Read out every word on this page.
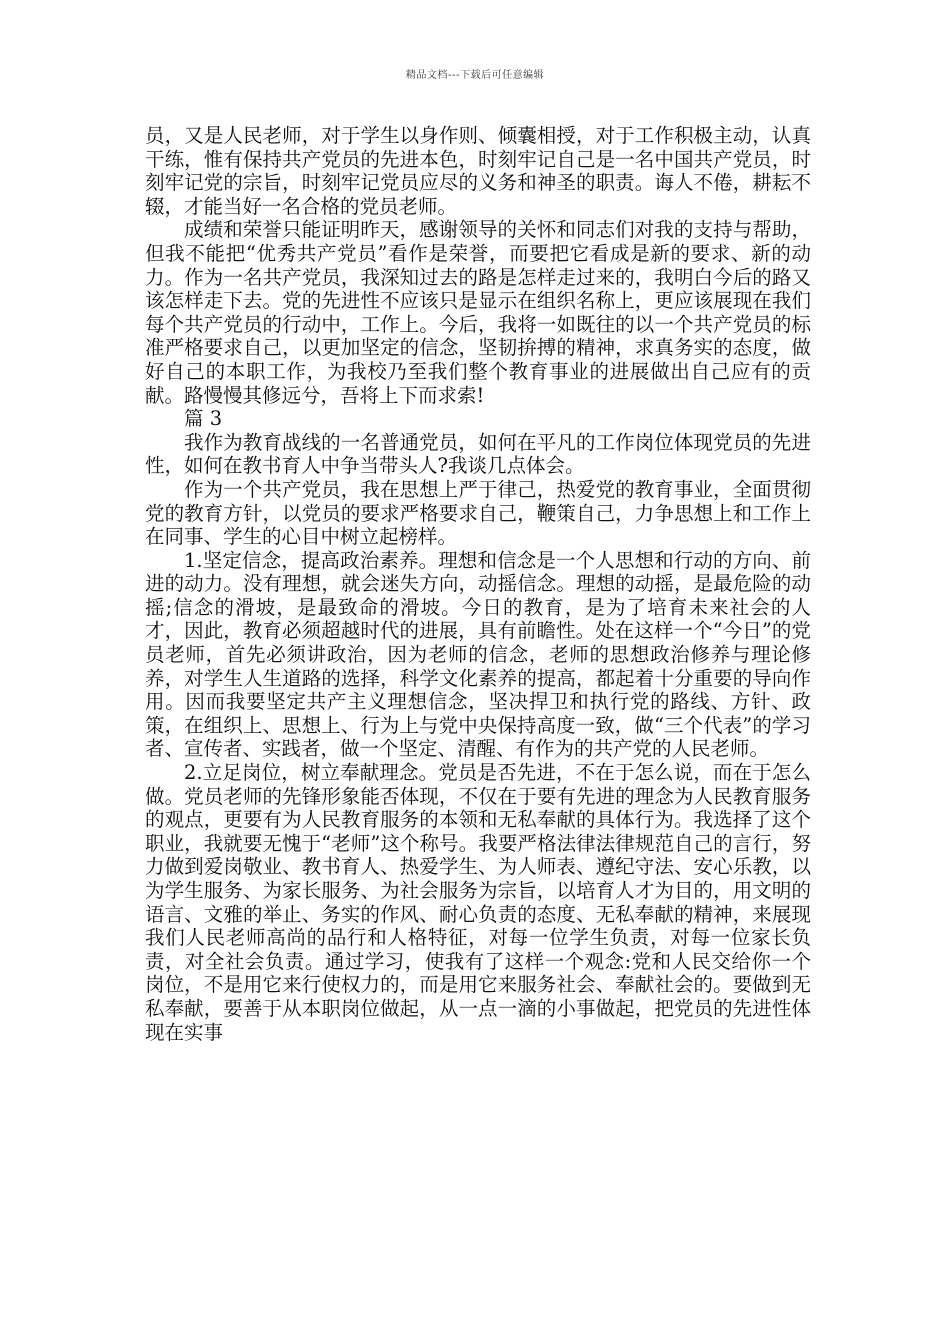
精品文档---下载后可任意编辑

员，又是人民老师，对于学生以身作则、倾囊相授，对于工作积极主动，认真干练，惟有保持共产党员的先进本色，时刻牢记自己是一名中国共产党员，时刻牢记党的宗旨，时刻牢记党员应尽的义务和神圣的职责。诲人不倦，耕耘不辍，才能当好一名合格的党员老师。

成绩和荣誉只能证明昨天，感谢领导的关怀和同志们对我的支持与帮助，但我不能把“优秀共产党员”看作是荣誉，而要把它看成是新的要求、新的动力。作为一名共产党员，我深知过去的路是怎样走过来的，我明白今后的路又该怎样走下去。党的先进性不应该只是显示在组织名称上，更应该展现在我们每个共产党员的行动中，工作上。今后，我将一如既往的以一个共产党员的标准严格要求自己，以更加坚定的信念，坚韧拚搏的精神，求真务实的态度，做好自己的本职工作，为我校乃至我们整个教育事业的进展做出自己应有的贡献。路慢慢其修远兮，吾将上下而求索!

篇 3

我作为教育战线的一名普通党员，如何在平凡的工作岗位体现党员的先进性，如何在教书育人中争当带头人?我谈几点体会。

作为一个共产党员，我在思想上严于律己，热爱党的教育事业，全面贯彻党的教育方针，以党员的要求严格要求自己，鞭策自己，力争思想上和工作上在同事、学生的心目中树立起榜样。

1.坚定信念，提高政治素养。理想和信念是一个人思想和行动的方向、前进的动力。没有理想，就会迷失方向，动摇信念。理想的动摇，是最危险的动摇;信念的滑坡，是最致命的滑坡。今日的教育，是为了培育未来社会的人才，因此，教育必须超越时代的进展，具有前瞻性。处在这样一个“今日”的党员老师，首先必须讲政治，因为老师的信念，老师的思想政治修养与理论修养，对学生人生道路的选择，科学文化素养的提高，都起着十分重要的导向作用。因而我要坚定共产主义理想信念，坚决捍卫和执行党的路线、方针、政策，在组织上、思想上、行为上与党中央保持高度一致，做“三个代表”的学习者、宣传者、实践者，做一个坚定、清醒、有作为的共产党的人民老师。

2.立足岗位，树立奉献理念。党员是否先进，不在于怎么说，而在于怎么做。党员老师的先锋形象能否体现，不仅在于要有先进的理念为人民教育服务的观点，更要有为人民教育服务的本领和无私奉献的具体行为。我选择了这个职业，我就要无愧于“老师”这个称号。我要严格法律法律规范自己的言行，努力做到爱岗敬业、教书育人、热爱学生、为人师表、遵纪守法、安心乐教，以为学生服务、为家长服务、为社会服务为宗旨，以培育人才为目的，用文明的语言、文雅的举止、务实的作风、耐心负责的态度、无私奉献的精神，来展现我们人民老师高尚的品行和人格特征，对每一位学生负责，对每一位家长负责，对全社会负责。通过学习，使我有了这样一个观念:党和人民交给你一个岗位，不是用它来行使权力的，而是用它来服务社会、奉献社会的。要做到无私奉献，要善于从本职岗位做起，从一点一滴的小事做起，把党员的先进性体现在实事
